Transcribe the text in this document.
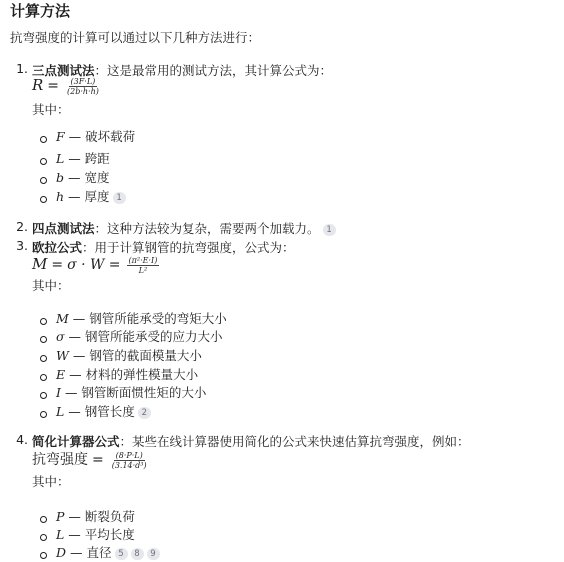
计算方法
抗弯强度的计算可以通过以下几种方法进行：
1. 三点测试法：这是最常用的测试方法，其计算公式为：
$R = \frac{(3F\cdot L)}{(2b\cdot h\cdot h)}$
其中：
F — 破坏载荷
L — 跨距
b — 宽度
h — 厚度 1
2. 四点测试法：这种方法较为复杂，需要两个加载力。 1
3. 欧拉公式：用于计算钢管的抗弯强度，公式为：
$M = \sigma \cdot W = \frac{\text{(π²·E·I)}}{\text{L²}}$
其中：
M — 钢管所能承受的弯矩大小
σ — 钢管所能承受的应力大小
W — 钢管的截面模量大小
E — 材料的弹性模量大小
I — 钢管断面惯性矩的大小
L — 钢管长度 2
4. 简化计算器公式：某些在线计算器使用简化的公式来快速估算抗弯强度，例如：
抗弯强度 = $\frac{(8\cdot P\cdot L)}{\text{(3.14·d³)}}$
其中：
P — 断裂负荷
L — 平均长度
D — 直径 5 8 9
